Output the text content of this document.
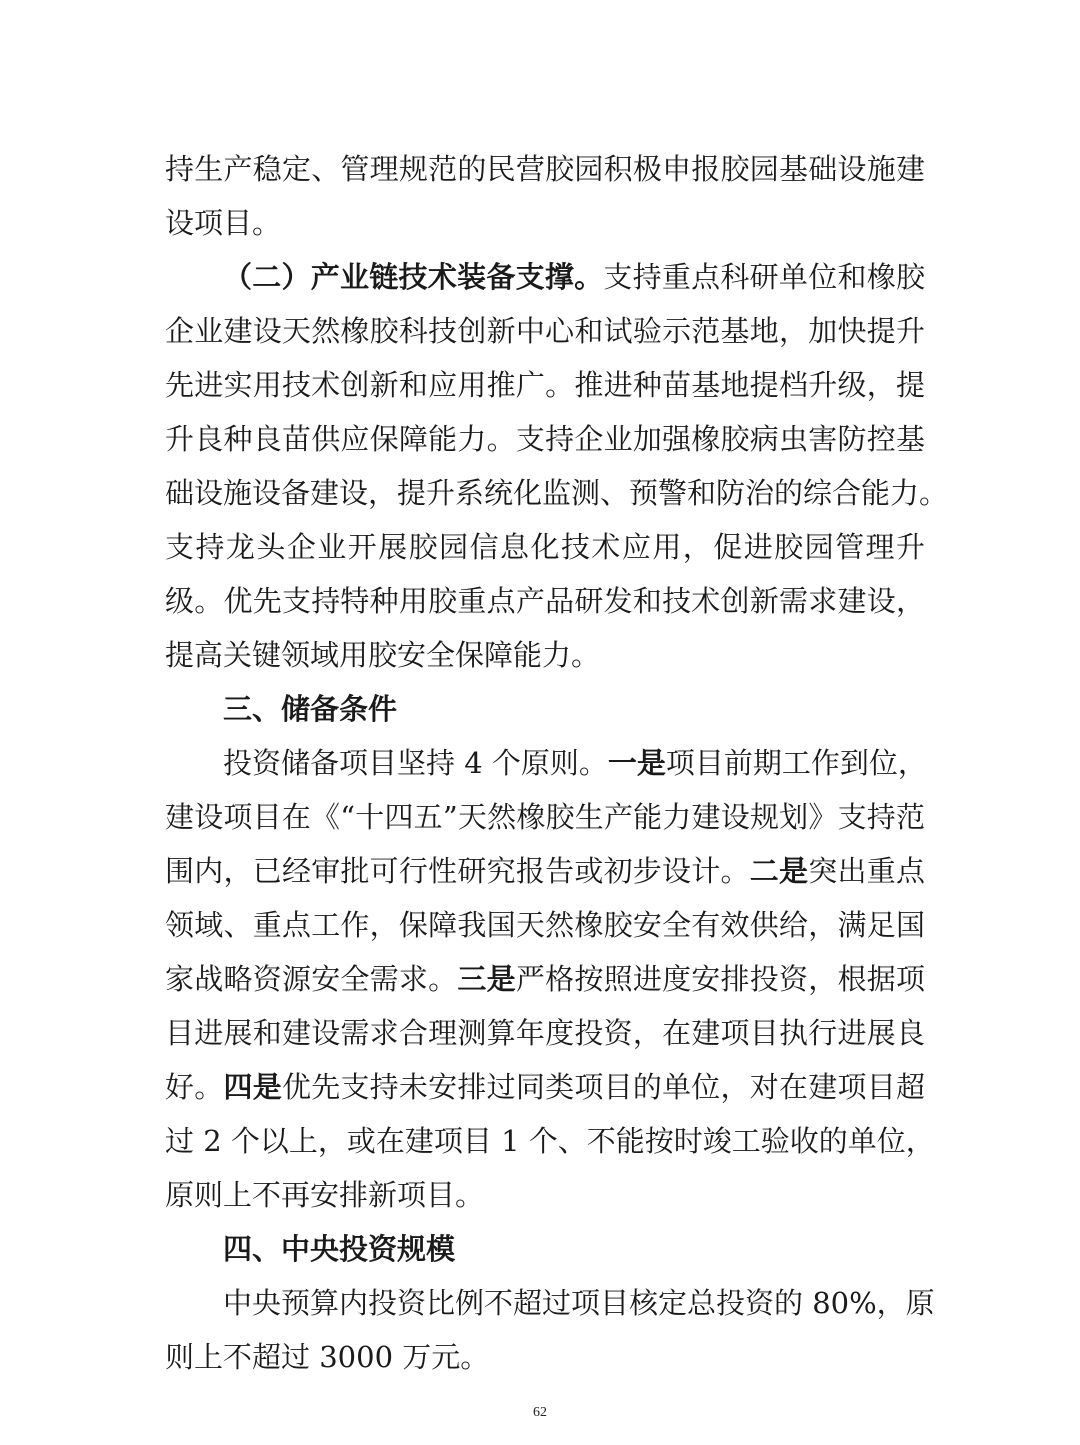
持生产稳定、管理规范的民营胶园积极申报胶园基础设施建
设项目。
（二）产业链技术装备支撑。支持重点科研单位和橡胶
企业建设天然橡胶科技创新中心和试验示范基地，加快提升
先进实用技术创新和应用推广。推进种苗基地提档升级，提
升良种良苗供应保障能力。支持企业加强橡胶病虫害防控基
础设施设备建设，提升系统化监测、预警和防治的综合能力。
支持龙头企业开展胶园信息化技术应用，促进胶园管理升
级。优先支持特种用胶重点产品研发和技术创新需求建设，
提高关键领域用胶安全保障能力。
三、储备条件
投资储备项目坚持 4 个原则。一是项目前期工作到位，
建设项目在《“十四五”天然橡胶生产能力建设规划》支持范
围内，已经审批可行性研究报告或初步设计。二是突出重点
领域、重点工作，保障我国天然橡胶安全有效供给，满足国
家战略资源安全需求。三是严格按照进度安排投资，根据项
目进展和建设需求合理测算年度投资，在建项目执行进展良
好。四是优先支持未安排过同类项目的单位，对在建项目超
过 2 个以上，或在建项目 1 个、不能按时竣工验收的单位，
原则上不再安排新项目。
四、中央投资规模
中央预算内投资比例不超过项目核定总投资的 80%，原
则上不超过 3000 万元。
62
